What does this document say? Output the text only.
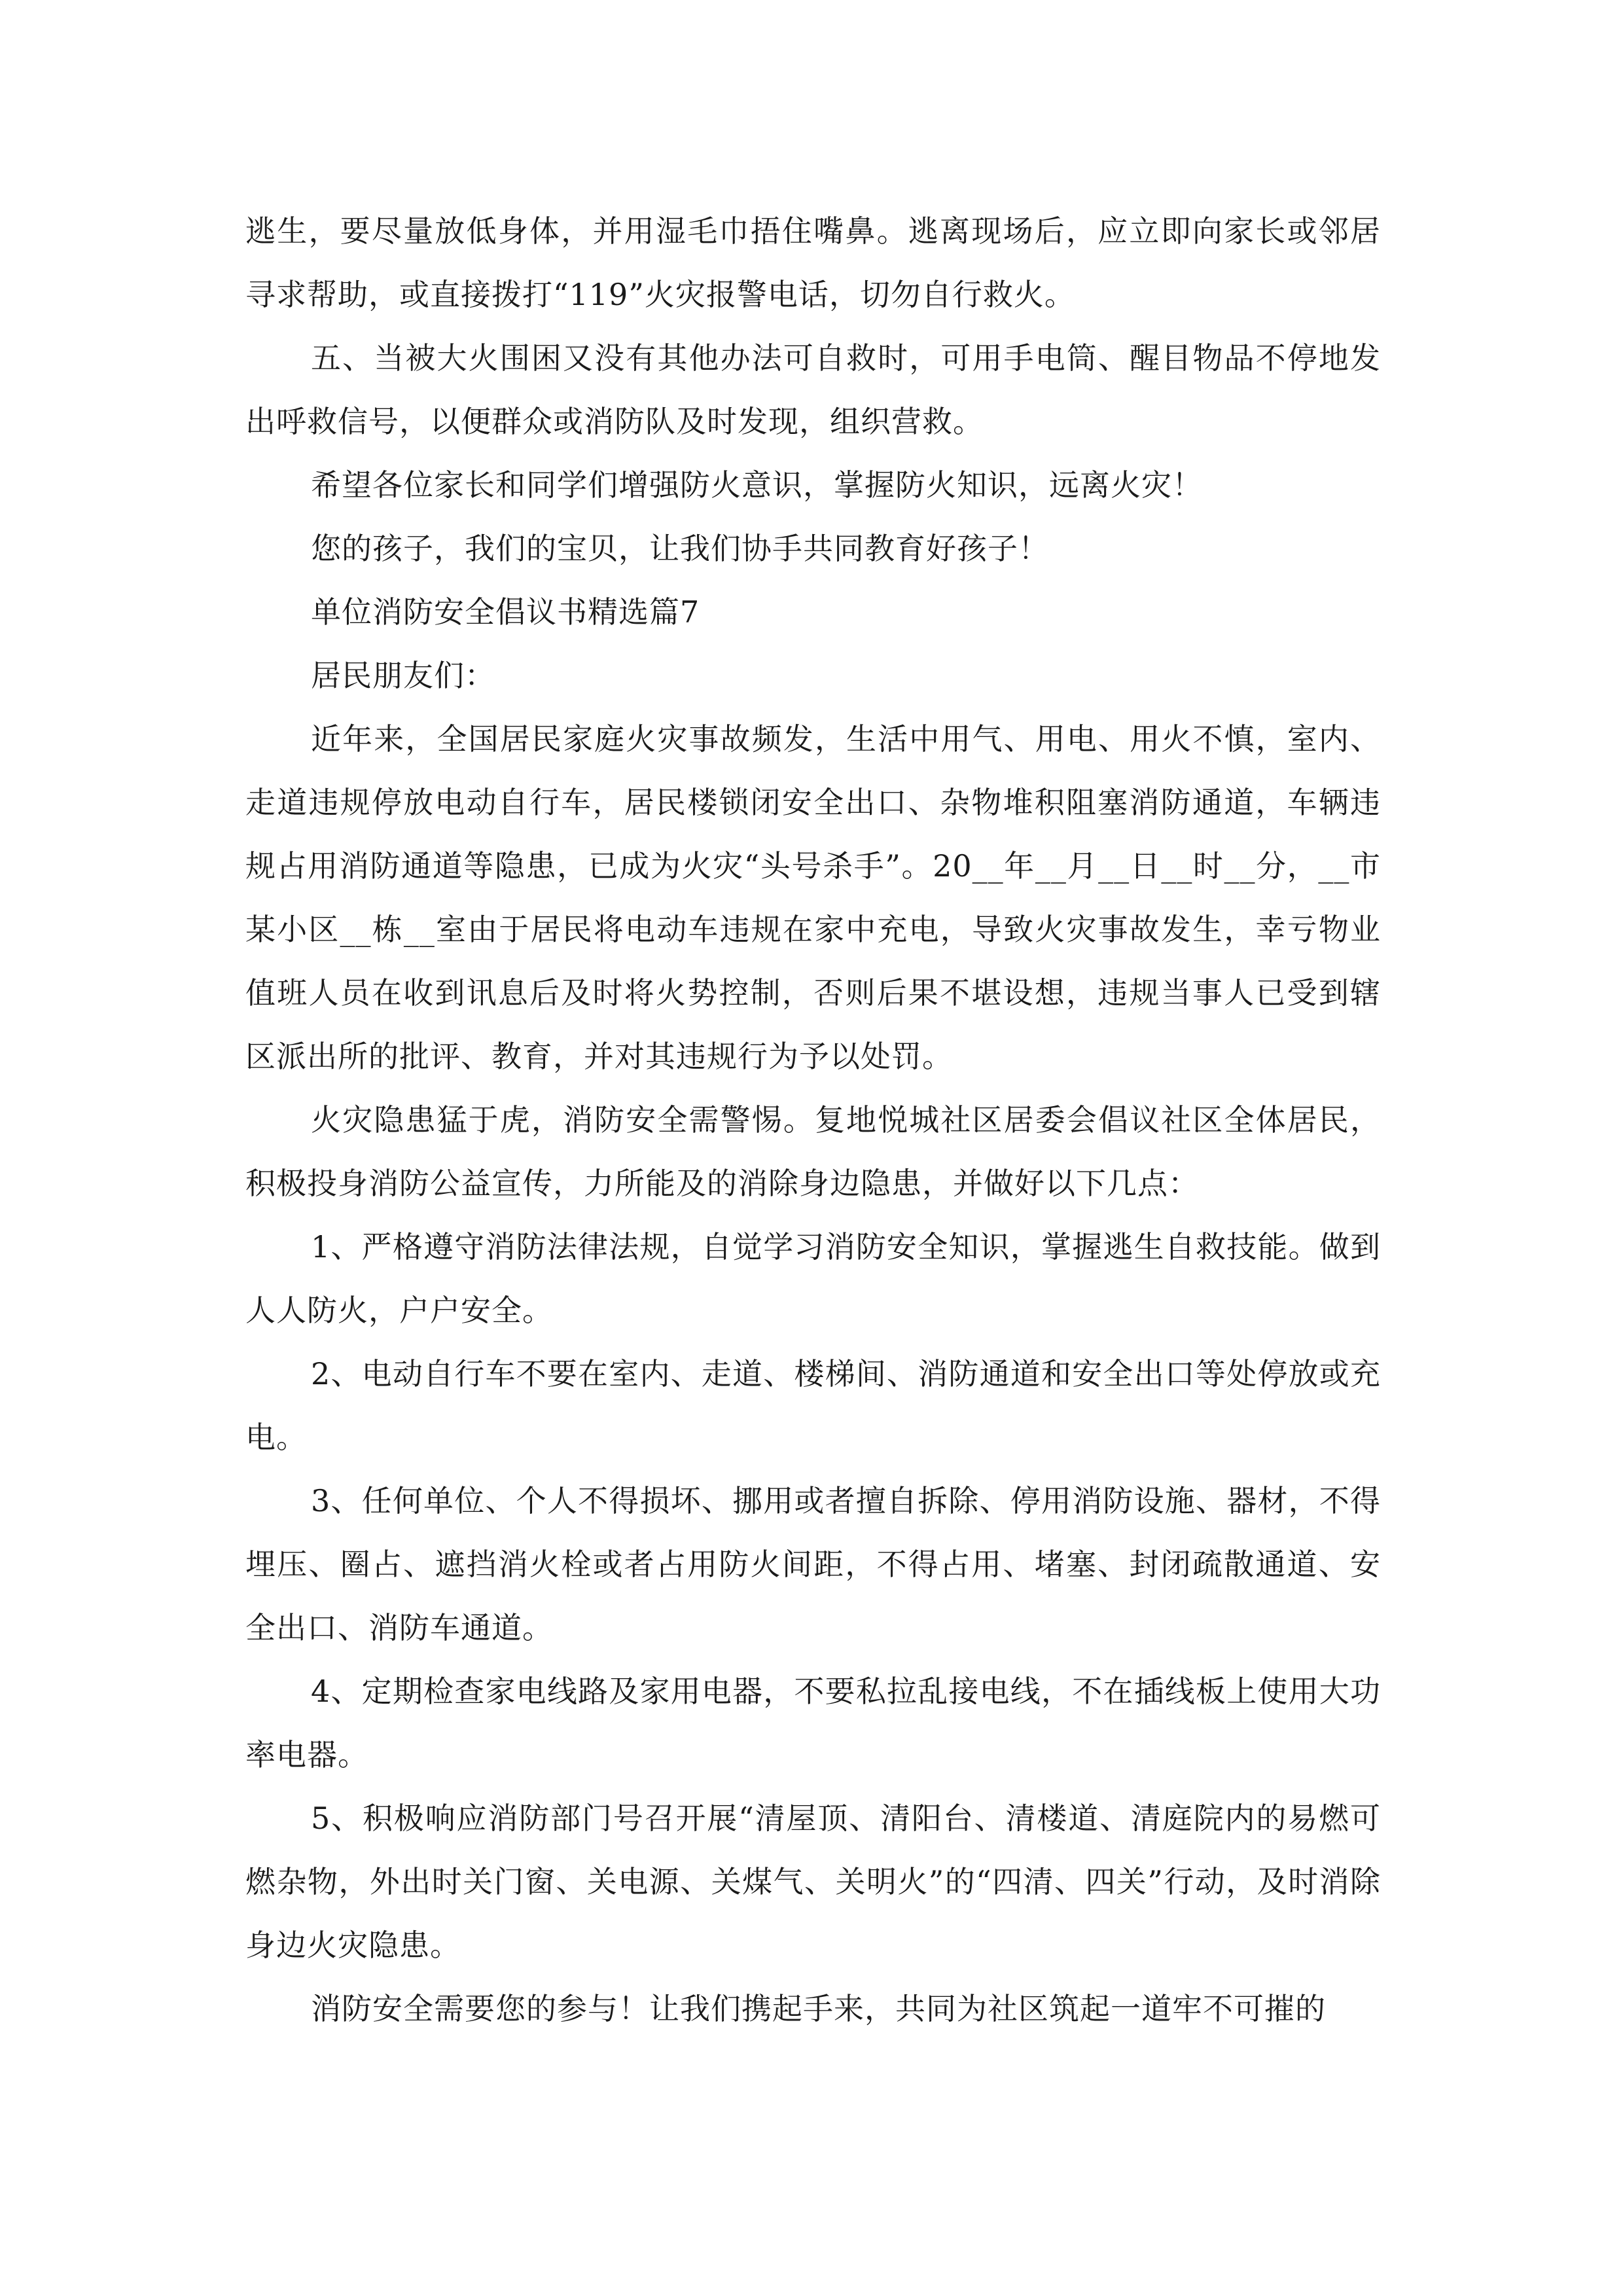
逃生，要尽量放低身体，并用湿毛巾捂住嘴鼻。逃离现场后，应立即向家长或邻居寻求帮助，或直接拨打“119”火灾报警电话，切勿自行救火。

五、当被大火围困又没有其他办法可自救时，可用手电筒、醒目物品不停地发出呼救信号，以便群众或消防队及时发现，组织营救。

希望各位家长和同学们增强防火意识，掌握防火知识，远离火灾！

您的孩子，我们的宝贝，让我们协手共同教育好孩子！

单位消防安全倡议书精选篇7

居民朋友们：

近年来，全国居民家庭火灾事故频发，生活中用气、用电、用火不慎，室内、走道违规停放电动自行车，居民楼锁闭安全出口、杂物堆积阻塞消防通道，车辆违规占用消防通道等隐患，已成为火灾“头号杀手”。20__年__月__日__时__分，__市某小区__栋__室由于居民将电动车违规在家中充电，导致火灾事故发生，幸亏物业值班人员在收到讯息后及时将火势控制，否则后果不堪设想，违规当事人已受到辖区派出所的批评、教育，并对其违规行为予以处罚。

火灾隐患猛于虎，消防安全需警惕。复地悦城社区居委会倡议社区全体居民，积极投身消防公益宣传，力所能及的消除身边隐患，并做好以下几点：

1、严格遵守消防法律法规，自觉学习消防安全知识，掌握逃生自救技能。做到人人防火，户户安全。

2、电动自行车不要在室内、走道、楼梯间、消防通道和安全出口等处停放或充电。

3、任何单位、个人不得损坏、挪用或者擅自拆除、停用消防设施、器材，不得埋压、圈占、遮挡消火栓或者占用防火间距，不得占用、堵塞、封闭疏散通道、安全出口、消防车通道。

4、定期检查家电线路及家用电器，不要私拉乱接电线，不在插线板上使用大功率电器。

5、积极响应消防部门号召开展“清屋顶、清阳台、清楼道、清庭院内的易燃可燃杂物，外出时关门窗、关电源、关煤气、关明火”的“四清、四关”行动，及时消除身边火灾隐患。

消防安全需要您的参与！让我们携起手来，共同为社区筑起一道牢不可摧的
